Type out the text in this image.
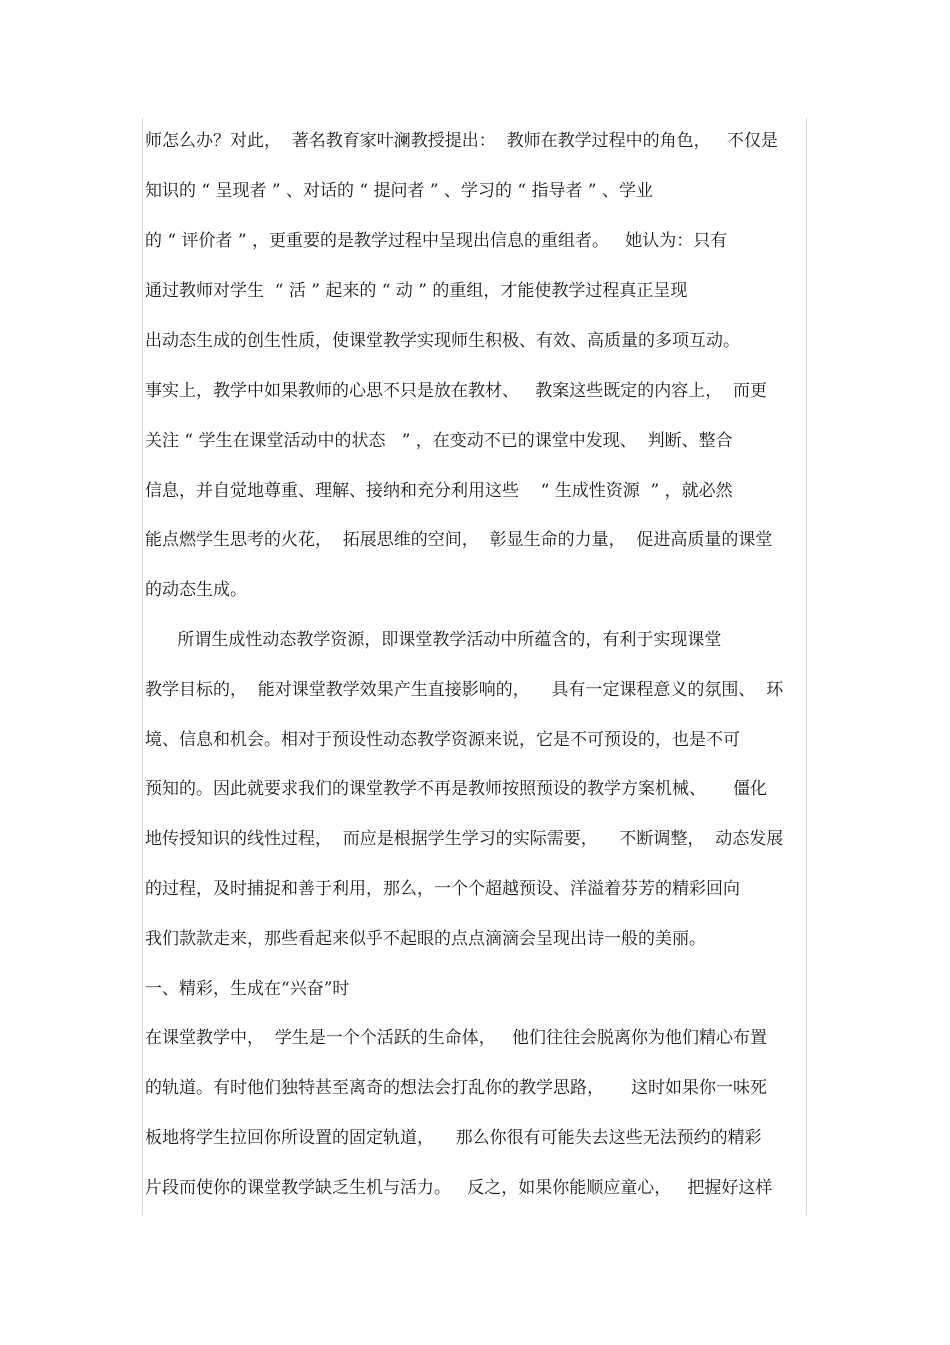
师怎么办？对此，  著名教育家叶澜教授提出：  教师在教学过程中的角色，   不仅是
知识的 “ 呈现者 ” 、对话的 “ 提问者 ” 、学习的 “ 指导者 ” 、学业
的 “ 评价者 ” ，更重要的是教学过程中呈现出信息的重组者。   她认为：只有
通过教师对学生  “ 活 ” 起来的 “ 动 ” 的重组，才能使教学过程真正呈现
出动态生成的创生性质，使课堂教学实现师生积极、有效、高质量的多项互动。
事实上，教学中如果教师的心思不只是放在教材、   教案这些既定的内容上，  而更
关注 “ 学生在课堂活动中的状态   ” ，在变动不已的课堂中发现、  判断、整合
信息，并自觉地尊重、理解、接纳和充分利用这些    “ 生成性资源  ” ，就必然
能点燃学生思考的火花，  拓展思维的空间，  彰显生命的力量，  促进高质量的课堂
的动态生成。
所谓生成性动态教学资源，即课堂教学活动中所蕴含的，有利于实现课堂
教学目标的，  能对课堂教学效果产生直接影响的，    具有一定课程意义的氛围、  环
境、信息和机会。相对于预设性动态教学资源来说，它是不可预设的，也是不可
预知的。因此就要求我们的课堂教学不再是教师按照预设的教学方案机械、     僵化
地传授知识的线性过程，  而应是根据学生学习的实际需要，    不断调整，  动态发展
的过程，及时捕捉和善于利用，那么，一个个超越预设、洋溢着芬芳的精彩回向
我们款款走来，那些看起来似乎不起眼的点点滴滴会呈现出诗一般的美丽。
一、精彩，生成在“兴奋”时
在课堂教学中，  学生是一个个活跃的生命体，   他们往往会脱离你为他们精心布置
的轨道。有时他们独特甚至离奇的想法会打乱你的教学思路，     这时如果你一味死
板地将学生拉回你所设置的固定轨道，    那么你很有可能失去这些无法预约的精彩
片段而使你的课堂教学缺乏生机与活力。   反之，如果你能顺应童心，   把握好这样
